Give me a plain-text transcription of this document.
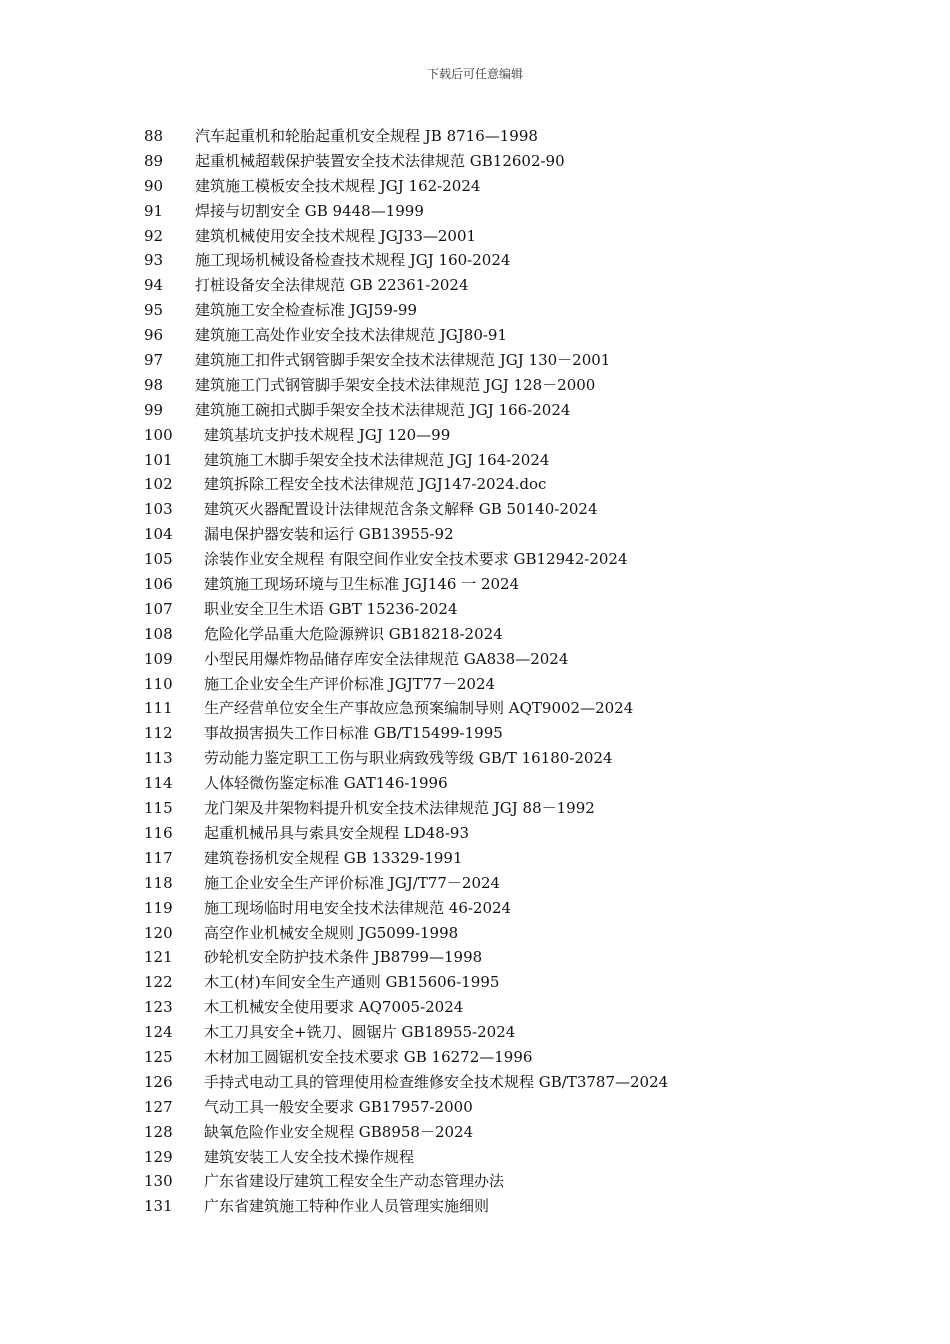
下载后可任意编辑
88 汽车起重机和轮胎起重机安全规程 JB 8716—1998
89 起重机械超载保护装置安全技术法律规范 GB12602-90
90 建筑施工模板安全技术规程 JGJ 162-2024
91 焊接与切割安全 GB 9448—1999
92 建筑机械使用安全技术规程 JGJ33—2001
93 施工现场机械设备检查技术规程 JGJ 160-2024
94 打桩设备安全法律规范 GB 22361-2024
95 建筑施工安全检查标准 JGJ59-99
96 建筑施工高处作业安全技术法律规范 JGJ80-91
97 建筑施工扣件式钢管脚手架安全技术法律规范 JGJ 130－2001
98 建筑施工门式钢管脚手架安全技术法律规范 JGJ 128－2000
99 建筑施工碗扣式脚手架安全技术法律规范 JGJ 166-2024
100 建筑基坑支护技术规程 JGJ 120—99
101 建筑施工木脚手架安全技术法律规范 JGJ 164-2024
102 建筑拆除工程安全技术法律规范 JGJ147-2024.doc
103 建筑灭火器配置设计法律规范含条文解释 GB 50140-2024
104 漏电保护器安装和运行 GB13955-92
105 涂装作业安全规程 有限空间作业安全技术要求 GB12942-2024
106 建筑施工现场环境与卫生标准 JGJ146 一 2024
107 职业安全卫生术语 GBT 15236-2024
108 危险化学品重大危险源辨识 GB18218-2024
109 小型民用爆炸物品储存库安全法律规范 GA838—2024
110 施工企业安全生产评价标准 JGJT77－2024
111 生产经营单位安全生产事故应急预案编制导则 AQT9002—2024
112 事故损害损失工作日标准 GB/T15499-1995
113 劳动能力鉴定职工工伤与职业病致残等级 GB/T 16180-2024
114 人体轻微伤鉴定标准 GAT146-1996
115 龙门架及井架物料提升机安全技术法律规范 JGJ 88－1992
116 起重机械吊具与索具安全规程 LD48-93
117 建筑卷扬机安全规程 GB 13329-1991
118 施工企业安全生产评价标准 JGJ/T77－2024
119 施工现场临时用电安全技术法律规范 46-2024
120 高空作业机械安全规则 JG5099-1998
121 砂轮机安全防护技术条件 JB8799—1998
122 木工(材)车间安全生产通则 GB15606-1995
123 木工机械安全使用要求 AQ7005-2024
124 木工刀具安全+铣刀、圆锯片 GB18955-2024
125 木材加工圆锯机安全技术要求 GB 16272—1996
126 手持式电动工具的管理使用检查维修安全技术规程 GB/T3787—2024
127 气动工具一般安全要求 GB17957-2000
128 缺氧危险作业安全规程 GB8958－2024
129 建筑安装工人安全技术操作规程
130 广东省建设厅建筑工程安全生产动态管理办法
131 广东省建筑施工特种作业人员管理实施细则
